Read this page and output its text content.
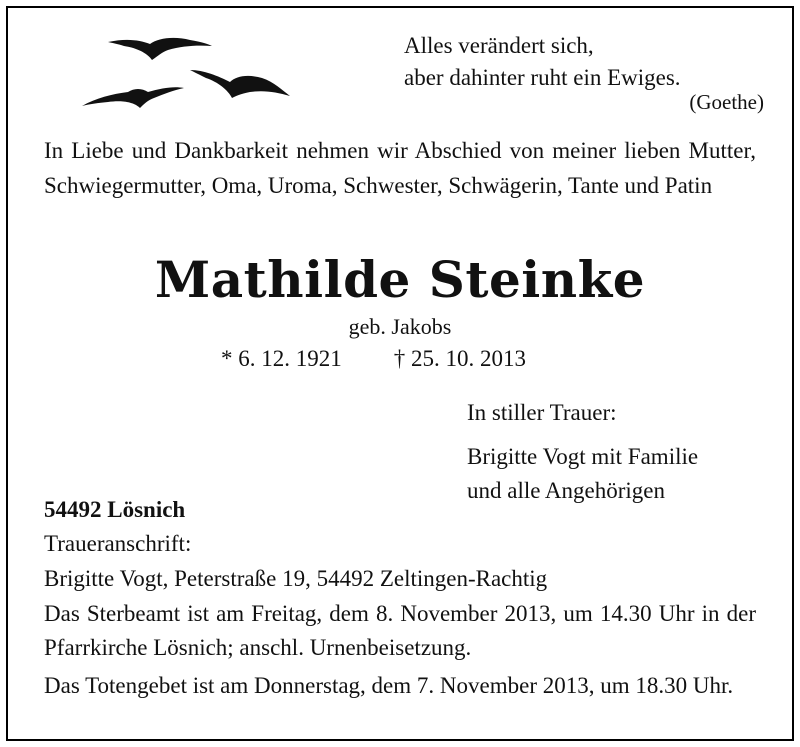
Alles verändert sich,
aber dahinter ruht ein Ewiges.
(Goethe)
In Liebe und Dankbarkeit nehmen wir Abschied von meiner lieben Mutter, Schwiegermutter, Oma, Uroma, Schwester, Schwägerin, Tante und Patin
Mathilde Steinke
geb. Jakobs
* 6. 12. 1921 † 25. 10. 2013
In stiller Trauer:
Brigitte Vogt mit Familie
und alle Angehörigen
54492 Lösnich
Traueranschrift:
Brigitte Vogt, Peterstraße 19, 54492 Zeltingen-Rachtig
Das Sterbeamt ist am Freitag, dem 8. November 2013, um 14.30 Uhr in der Pfarrkirche Lösnich; anschl. Urnenbeisetzung.
Das Totengebet ist am Donnerstag, dem 7. November 2013, um 18.30 Uhr.
